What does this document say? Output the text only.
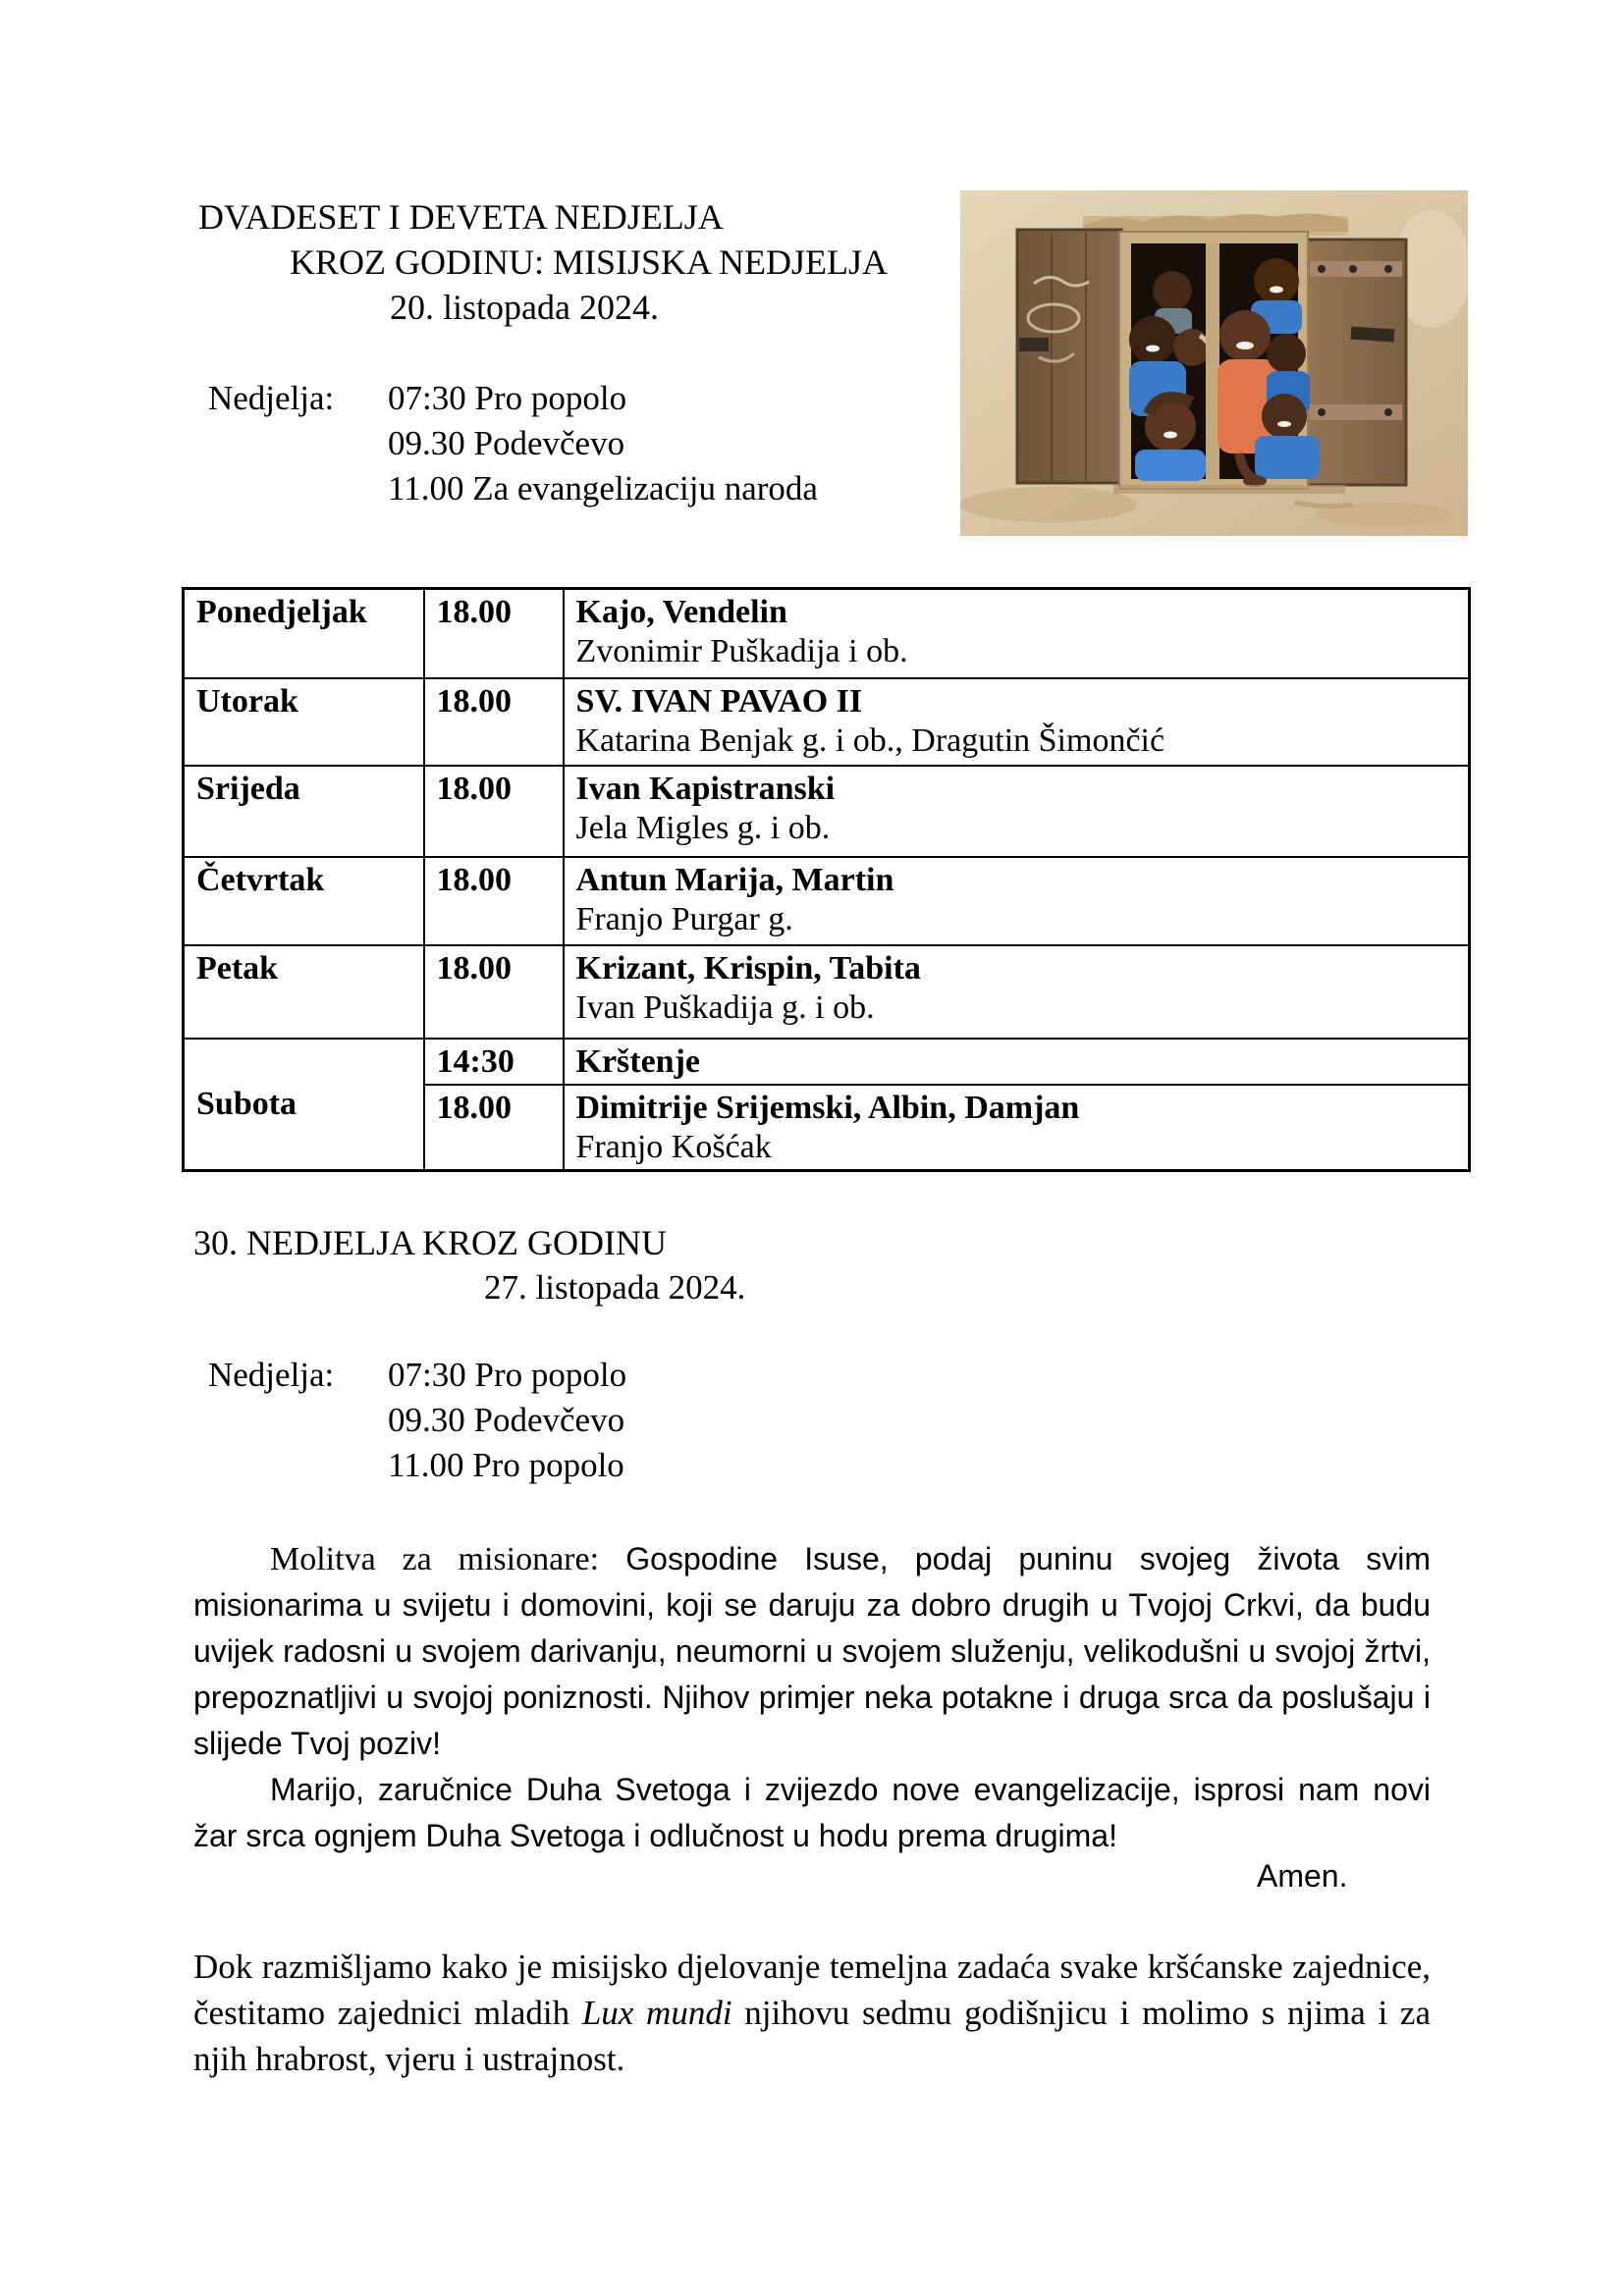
DVADESET I DEVETA NEDJELJA
KROZ GODINU: MISIJSKA NEDJELJA
20. listopada 2024.
Nedjelja:	07:30 Pro popolo
09.30 Podevčevo
11.00 Za evangelizaciju naroda
Ponedjeljak	18.00	Kajo, Vendelin
Zvonimir Puškadija i ob.

Utorak	18.00	SV. IVAN PAVAO II
Katarina Benjak g. i ob., Dragutin Šimončić

Srijeda	18.00	Ivan Kapistranski
Jela Migles g. i ob.

Četvrtak	18.00	Antun Marija, Martin
Franjo Purgar g.

Petak	18.00	Krizant, Krispin, Tabita
Ivan Puškadija g. i ob.

Subota	14:30	Krštenje

	18.00	Dimitrije Srijemski, Albin, Damjan
Franjo Košćak
30. NEDJELJA KROZ GODINU
27. listopada 2024.
Nedjelja:	07:30 Pro popolo
09.30 Podevčevo
11.00 Pro popolo
Molitva za misionare: Gospodine Isuse, podaj puninu svojeg života svim misionarima u svijetu i domovini, koji se daruju za dobro drugih u Tvojoj Crkvi, da budu uvijek radosni u svojem darivanju, neumorni u svojem služenju, velikodušni u svojoj žrtvi, prepoznatljivi u svojoj poniznosti. Njihov primjer neka potakne i druga srca da poslušaju i slijede Tvoj poziv!
Marijo, zaručnice Duha Svetoga i zvijezdo nove evangelizacije, isprosi nam novi žar srca ognjem Duha Svetoga i odlučnost u hodu prema drugima!
Amen.
Dok razmišljamo kako je misijsko djelovanje temeljna zadaća svake kršćanske zajednice, čestitamo zajednici mladih Lux mundi njihovu sedmu godišnjicu i molimo s njima i za njih hrabrost, vjeru i ustrajnost.
